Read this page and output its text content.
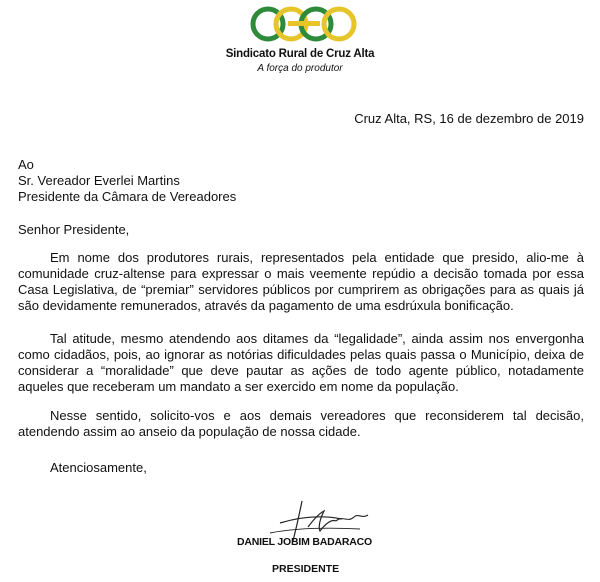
Sindicato Rural de Cruz Alta
A força do produtor
Cruz Alta, RS, 16 de dezembro de 2019
Ao
Sr. Vereador Everlei Martins
Presidente da Câmara de Vereadores
Senhor Presidente,

Em nome dos produtores rurais, representados pela entidade que presido, alio-me à comunidade cruz-altense para expressar o mais veemente repúdio a decisão tomada por essa Casa Legislativa, de “premiar” servidores públicos por cumprirem as obrigações para as quais já são devidamente remunerados, através da pagamento de uma esdrúxula bonificação.

Tal atitude, mesmo atendendo aos ditames da “legalidade”, ainda assim nos envergonha como cidadãos, pois, ao ignorar as notórias dificuldades pelas quais passa o Município, deixa de considerar a “moralidade” que deve pautar as ações de todo agente público, notadamente aqueles que receberam um mandato a ser exercido em nome da população.

Nesse sentido, solicito-vos e aos demais vereadores que reconsiderem tal decisão, atendendo assim ao anseio da população de nossa cidade.

Atenciosamente,
DANIEL JOBIM BADARACO
PRESIDENTE
